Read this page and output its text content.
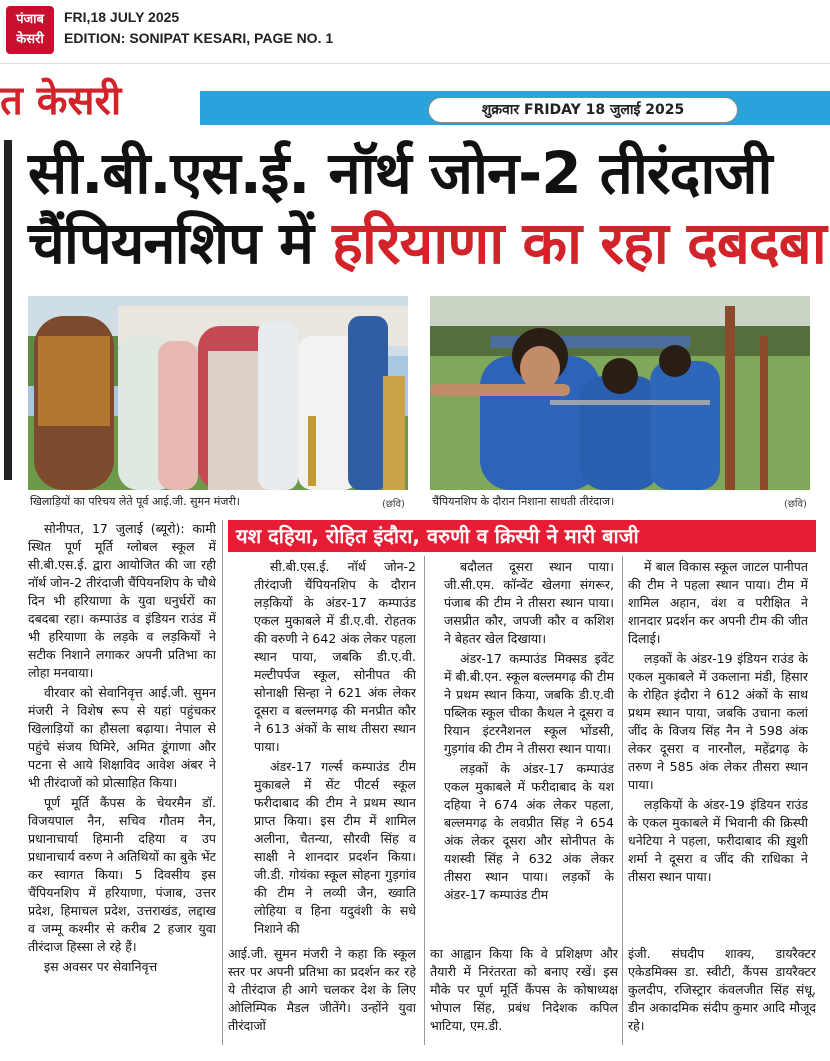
पंजाब
केसरी
FRI,18 JULY 2025
EDITION: SONIPAT KESARI, PAGE NO. 1
त केसरी	शुक्रवार FRIDAY 18 जुलाई 2025
सी.बी.एस.ई. नॉर्थ जोन-2 तीरंदाजी
चैंपियनशिप में हरियाणा का रहा दबदबा
खिलाड़ियों का परिचय लेते पूर्व आई.जी. सुमन मंजरी।	(छवि) चैंपियनशिप के दौरान निशाना साधती तीरंदाज।	(छवि)
यश दहिया, रोहित इंदौरा, वरुणी व क्रिस्पी ने मारी बाजी

सोनीपत, 17 जुलाई (ब्यूरो): कामी स्थित पूर्ण मूर्ति ग्लोबल स्कूल में सी.बी.एस.ई. द्वारा आयोजित की जा रही नॉर्थ जोन-2 तीरंदाजी चैंपियनशिप के चौथे दिन भी हरियाणा के युवा धनुर्धरों का दबदबा रहा। कम्पाउंड व इंडियन राउंड में भी हरियाणा के लड़के व लड़कियों ने सटीक निशाने लगाकर अपनी प्रतिभा का लोहा मनवाया।

वीरवार को सेवानिवृत्त आई.जी. सुमन मंजरी ने विशेष रूप से यहां पहुंचकर खिलाड़ियों का हौसला बढ़ाया। नेपाल से पहुंचे संजय घिमिरे, अमित डूंगाणा और पटना से आये शिक्षाविद आवेश अंबर ने भी तीरंदाजों को प्रोत्साहित किया।

पूर्ण मूर्ति कैंपस के चेयरमैन डॉ. विजयपाल नैन, सचिव गौतम नैन, प्रधानाचार्या हिमानी दहिया व उप प्रधानाचार्य वरुण ने अतिथियों का बुके भेंट कर स्वागत किया। 5 दिवसीय इस चैंपियनशिप में हरियाणा, पंजाब, उत्तर प्रदेश, हिमाचल प्रदेश, उत्तराखंड, लद्दाख व जम्मू कश्मीर से करीब 2 हजार युवा तीरंदाज हिस्सा ले रहे हैं।

इस अवसर पर सेवानिवृत्त

सी.बी.एस.ई. नॉर्थ जोन-2 तीरंदाजी चैंपियनशिप के दौरान लड़कियों के अंडर-17 कम्पाउंड एकल मुकाबले में डी.ए.वी. रोहतक की वरुणी ने 642 अंक लेकर पहला स्थान पाया, जबकि डी.ए.वी. मल्टीपर्पज स्कूल, सोनीपत की सोनाक्षी सिन्हा ने 621 अंक लेकर दूसरा व बल्लमगढ़ की मनप्रीत कौर ने 613 अंकों के साथ तीसरा स्थान पाया।

अंडर-17 गर्ल्स कम्पाउंड टीम मुकाबले में सेंट पीटर्स स्कूल फरीदाबाद की टीम ने प्रथम स्थान प्राप्त किया। इस टीम में शामिल अलीना, चैतन्या, सौरवी सिंह व साक्षी ने शानदार प्रदर्शन किया। जी.डी. गोयंका स्कूल सोहना गुड़गांव की टीम ने लव्यी जैन, ख्वाति लोहिया व हिना यदुवंशी के सधे निशाने की

बदौलत दूसरा स्थान पाया। जी.सी.एम. कॉन्वेंट खेलगा संगरूर, पंजाब की टीम ने तीसरा स्थान पाया। जसप्रीत कौर, जपजी कौर व कशिश ने बेहतर खेल दिखाया।

अंडर-17 कम्पाउंड मिक्सड इवेंट में बी.बी.एन. स्कूल बल्लमगढ़ की टीम ने प्रथम स्थान किया, जबकि डी.ए.वी पब्लिक स्कूल चीका कैथल ने दूसरा व रियान इंटरनैशनल स्कूल भोंडसी, गुड़गांव की टीम ने तीसरा स्थान पाया।

लड़कों के अंडर-17 कम्पाउंड एकल मुकाबले में फरीदाबाद के यश दहिया ने 674 अंक लेकर पहला, बल्लमगढ़ के लवप्रीत सिंह ने 654 अंक लेकर दूसरा और सोनीपत के यशस्वी सिंह ने 632 अंक लेकर तीसरा स्थान पाया। लड़कों के अंडर-17 कम्पाउंड टीम

में बाल विकास स्कूल जाटल पानीपत की टीम ने पहला स्थान पाया। टीम में शामिल अहान, वंश व परीक्षित ने शानदार प्रदर्शन कर अपनी टीम की जीत दिलाई।

लड़कों के अंडर-19 इंडियन राउंड के एकल मुकाबले में उकलाना मंडी, हिसार के रोहित इंदौरा ने 612 अंकों के साथ प्रथम स्थान पाया, जबकि उचाना कलां जींद के विजय सिंह नैन ने 598 अंक लेकर दूसरा व नारनौल, महेंद्रगढ़ के तरुण ने 585 अंक लेकर तीसरा स्थान पाया।

लड़कियों के अंडर-19 इंडियन राउंड के एकल मुकाबले में भिवानी की क्रिस्पी धनेटिया ने पहला, फरीदाबाद की ख़ुशी शर्मा ने दूसरा व जींद की राधिका ने तीसरा स्थान पाया।

आई.जी. सुमन मंजरी ने कहा कि स्कूल स्तर पर अपनी प्रतिभा का प्रदर्शन कर रहे ये तीरंदाज ही आगे चलकर देश के लिए ओलिम्पिक मैडल जीतेंगे। उन्होंने युवा तीरंदाजों
का आह्वान किया कि वे प्रशिक्षण और तैयारी में निरंतरता को बनाए रखें। इस मौके पर पूर्ण मूर्ति कैंपस के कोषाध्यक्ष भोपाल सिंह, प्रबंध निदेशक कपिल भाटिया, एम.डी.
इंजी. संघदीप शाक्य, डायरैक्टर एकेडमिक्स डा. स्वीटी, कैंपस डायरैक्टर कुलदीप, रजिस्ट्रार कंवलजीत सिंह संधू, डीन अकादमिक संदीप कुमार आदि मौजूद रहे।
